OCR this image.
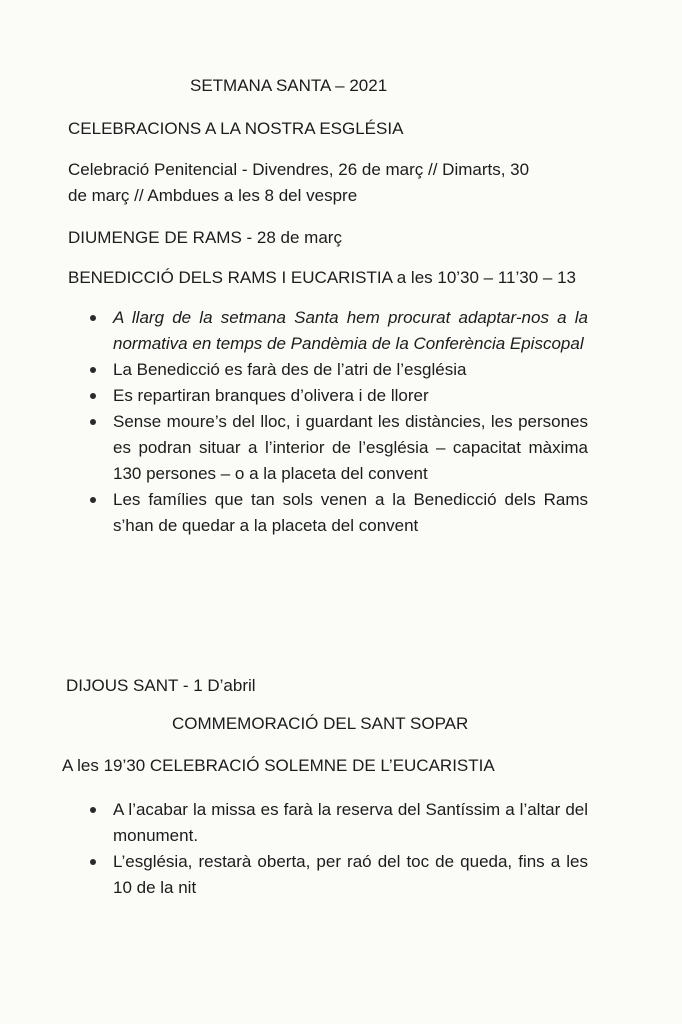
SETMANA SANTA – 2021
CELEBRACIONS A LA NOSTRA ESGLÉSIA
Celebració Penitencial - Divendres, 26 de març // Dimarts, 30
de març // Ambdues a les 8 del vespre
DIUMENGE DE RAMS - 28 de març
BENEDICCIÓ DELS RAMS I EUCARISTIA a les 10’30 – 11’30 – 13
A llarg de la setmana Santa hem procurat adaptar-nos a la normativa en temps de Pandèmia de la Conferència Episcopal
La Benedicció es farà des de l’atri de l’església
Es repartiran branques d’olivera i de llorer
Sense moure’s del lloc, i guardant les distàncies, les persones es podran situar a l’interior de l’església – capacitat màxima 130 persones – o a la placeta del convent
Les famílies que tan sols venen a la Benedicció dels Rams s’han de quedar a la placeta del convent
DIJOUS SANT - 1 D’abril
COMMEMORACIÓ DEL SANT SOPAR
A les 19’30 CELEBRACIÓ SOLEMNE DE L’EUCARISTIA
A l’acabar la missa es farà la reserva del Santíssim a l’altar del monument.
L’església, restarà oberta, per raó del toc de queda, fins a les 10 de la nit
